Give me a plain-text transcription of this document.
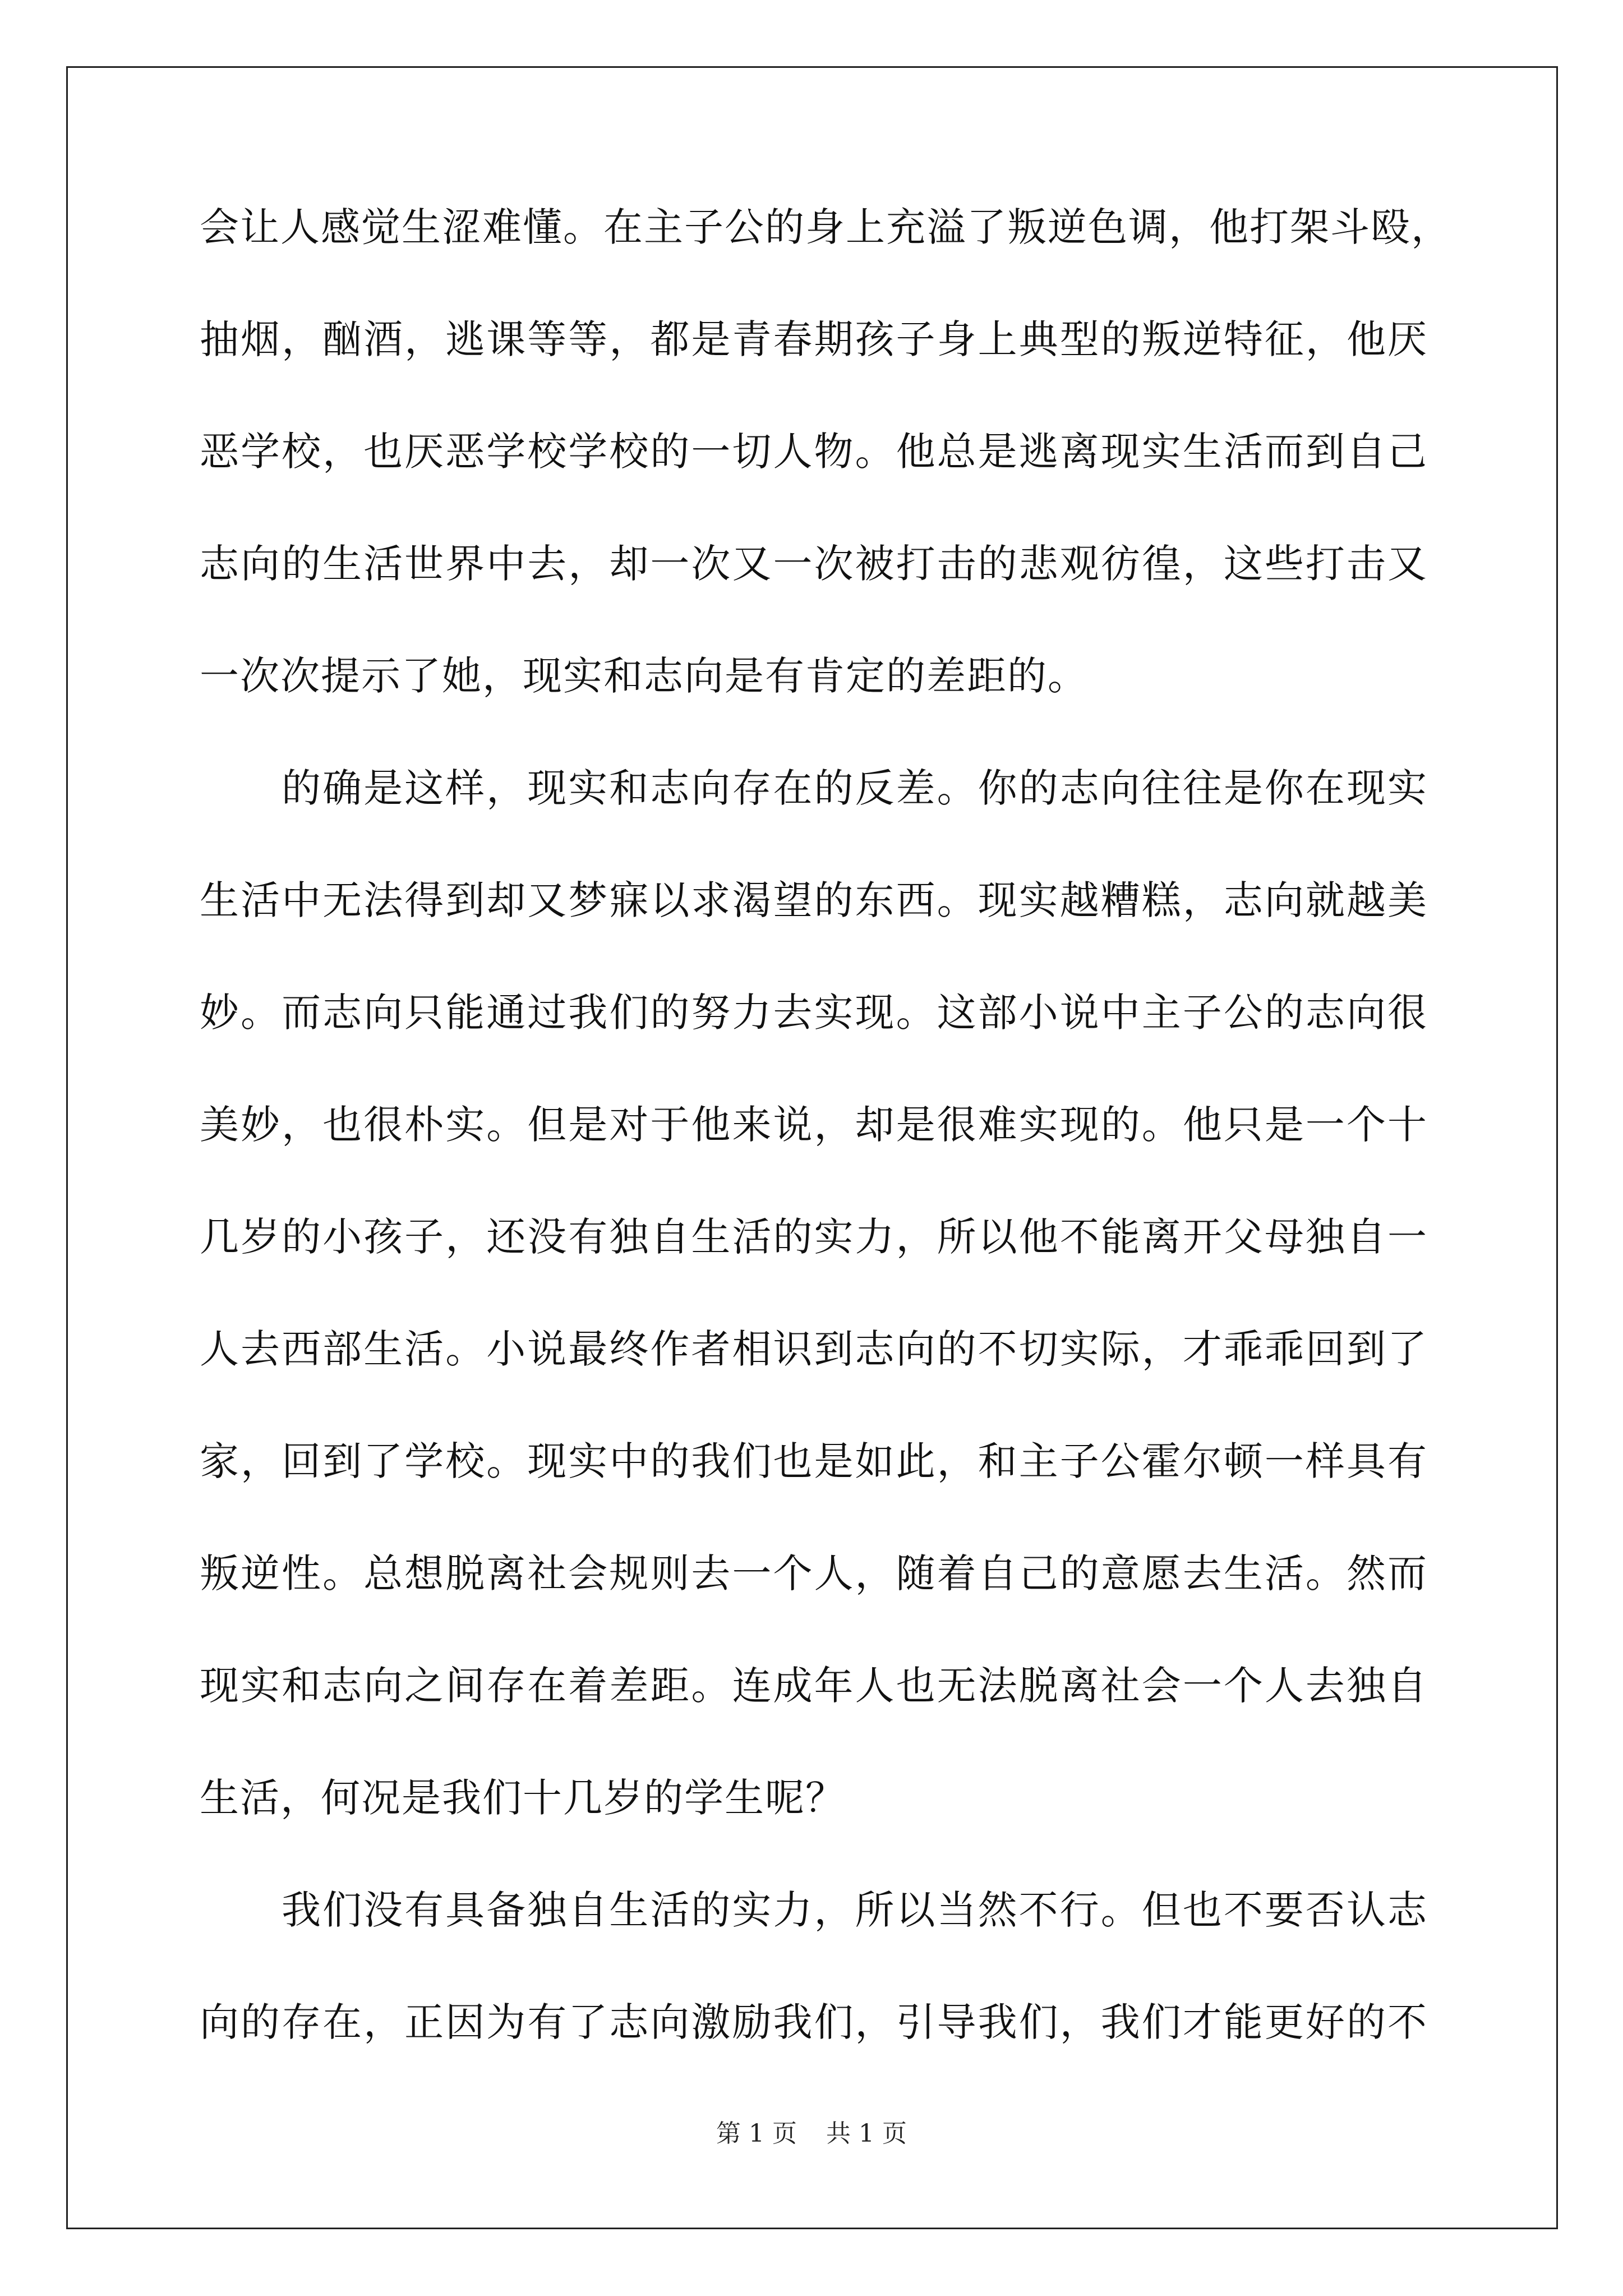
会让人感觉生涩难懂。在主子公的身上充溢了叛逆色调，他打架斗殴，
抽烟，酗酒，逃课等等，都是青春期孩子身上典型的叛逆特征，他厌
恶学校，也厌恶学校学校的一切人物。他总是逃离现实生活而到自己
志向的生活世界中去，却一次又一次被打击的悲观彷徨，这些打击又
一次次提示了她，现实和志向是有肯定的差距的。
的确是这样，现实和志向存在的反差。你的志向往往是你在现实
生活中无法得到却又梦寐以求渴望的东西。现实越糟糕，志向就越美
妙。而志向只能通过我们的努力去实现。这部小说中主子公的志向很
美妙，也很朴实。但是对于他来说，却是很难实现的。他只是一个十
几岁的小孩子，还没有独自生活的实力，所以他不能离开父母独自一
人去西部生活。小说最终作者相识到志向的不切实际，才乖乖回到了
家，回到了学校。现实中的我们也是如此，和主子公霍尔顿一样具有
叛逆性。总想脱离社会规则去一个人，随着自己的意愿去生活。然而
现实和志向之间存在着差距。连成年人也无法脱离社会一个人去独自
生活，何况是我们十几岁的学生呢？
我们没有具备独自生活的实力，所以当然不行。但也不要否认志
向的存在，正因为有了志向激励我们，引导我们，我们才能更好的不
第 1 页 共 1 页
